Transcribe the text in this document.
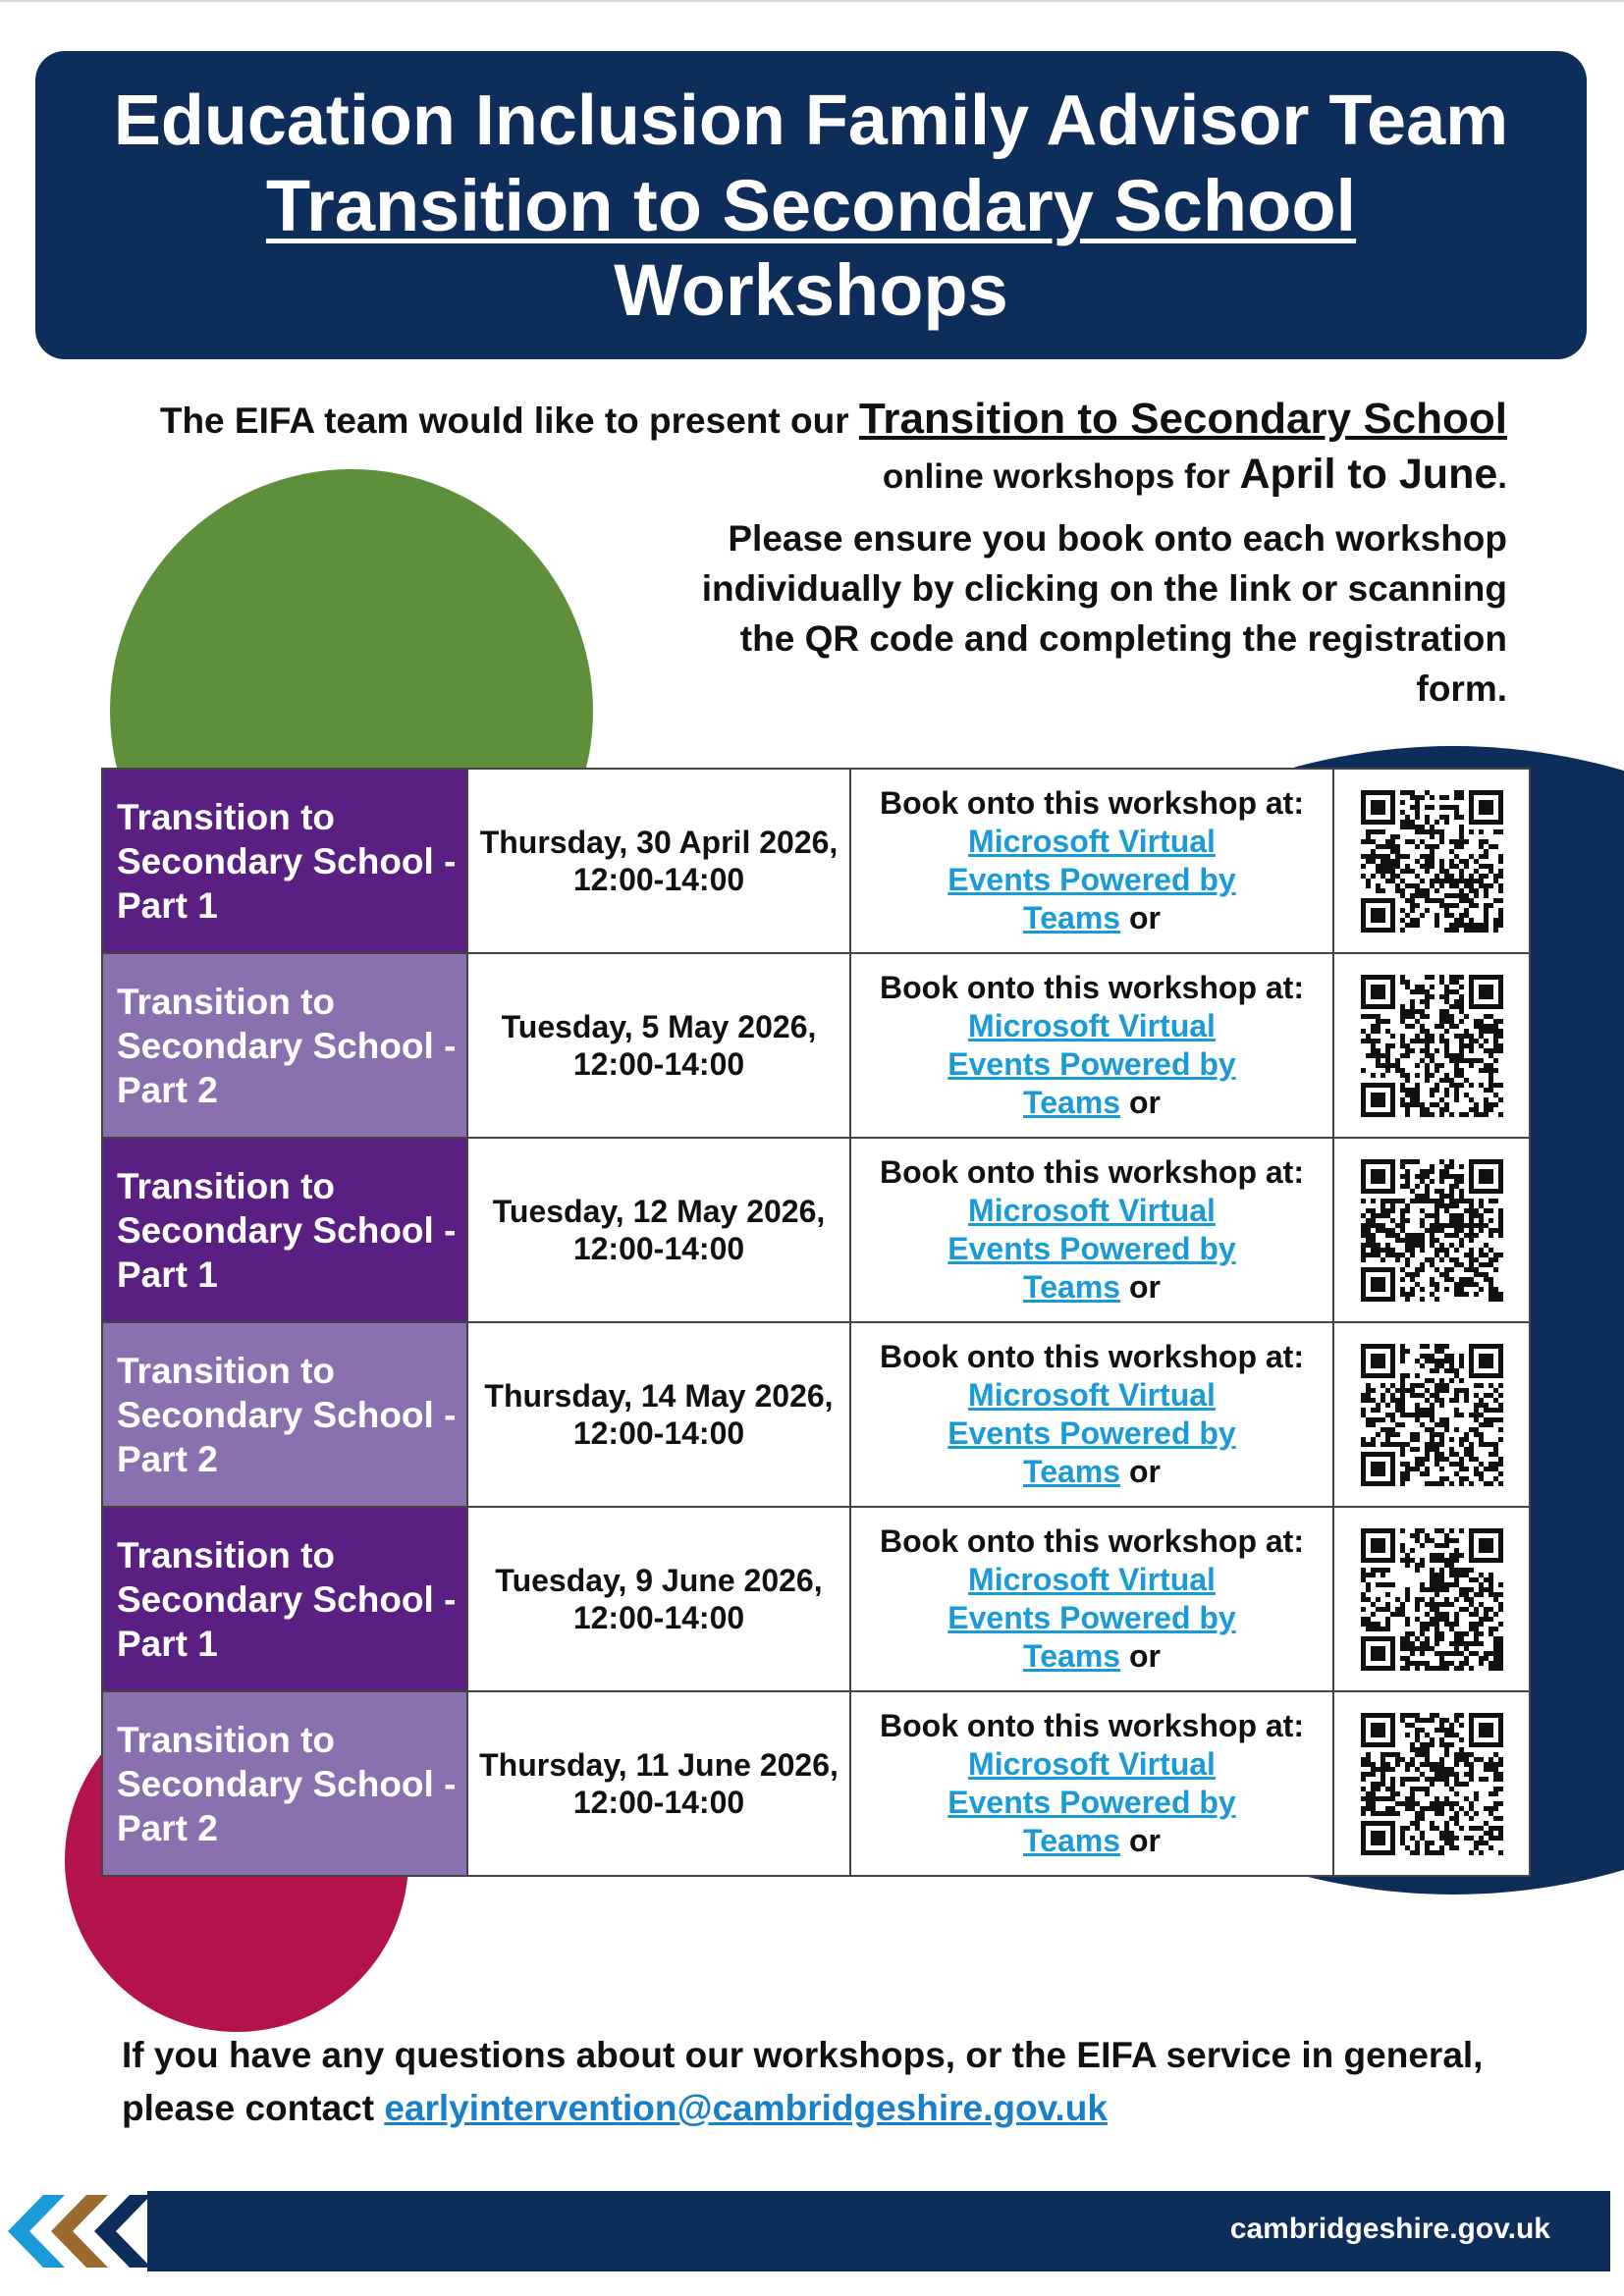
Education Inclusion Family Advisor Team
Transition to Secondary School
Workshops
The EIFA team would like to present our Transition to Secondary School
online workshops for April to June.
Please ensure you book onto each workshop individually by clicking on the link or scanning the QR code and completing the registration form.
Transition to Secondary School -Part 1	Thursday, 30 April 2026, 12:00-14:00	Book onto this workshop at:
Microsoft Virtual Events Powered by Teams or

Transition to Secondary School -Part 2	Tuesday, 5 May 2026, 12:00-14:00	Book onto this workshop at:
Microsoft Virtual Events Powered by Teams or

Transition to Secondary School -Part 1	Tuesday, 12 May 2026, 12:00-14:00	Book onto this workshop at:
Microsoft Virtual Events Powered by Teams or

Transition to Secondary School -Part 2	Thursday, 14 May 2026, 12:00-14:00	Book onto this workshop at:
Microsoft Virtual Events Powered by Teams or

Transition to Secondary School -Part 1	Tuesday, 9 June 2026, 12:00-14:00	Book onto this workshop at:
Microsoft Virtual Events Powered by Teams or

Transition to Secondary School -Part 2	Thursday, 11 June 2026, 12:00-14:00	Book onto this workshop at:
Microsoft Virtual Events Powered by Teams or

If you have any questions about our workshops, or the EIFA service in general, please contact earlyintervention@cambridgeshire.gov.uk
cambridgeshire.gov.uk
